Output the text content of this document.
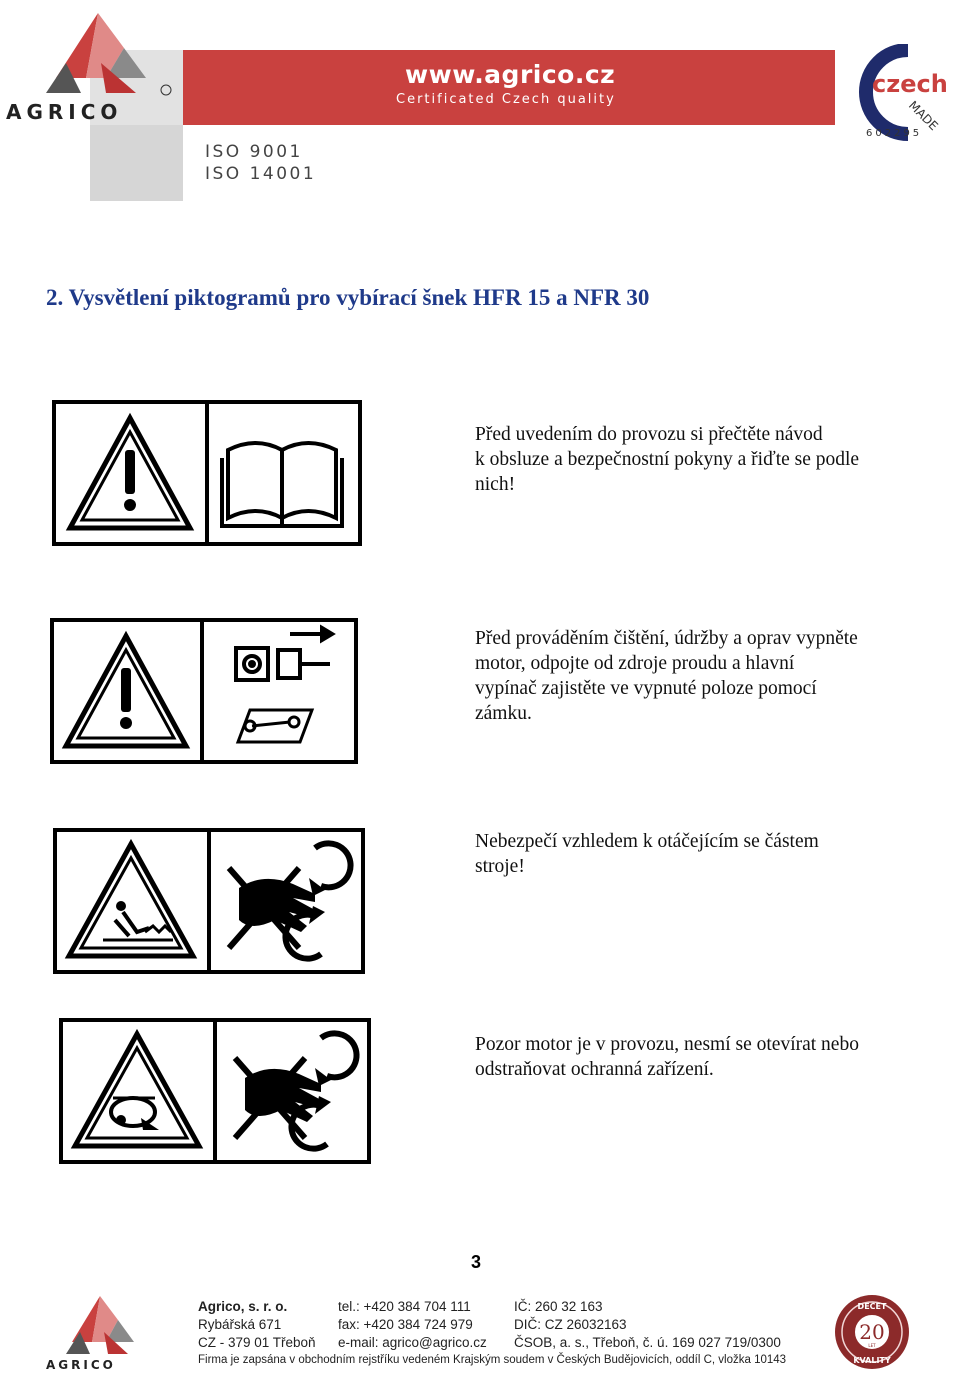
AGRICO
www.agrico.cz
Certificated Czech quality
ISO 9001
ISO 14001
czech
MADE
602295
2. Vysvětlení piktogramů pro vybírací šnek HFR 15 a NFR 30

Před uvedením do provozu si přečtěte návod

k obsluze a bezpečnostní pokyny a řiďte se podle

nich!

Před prováděním čištění, údržby a oprav vypněte

motor, odpojte od zdroje proudu a hlavní

vypínač zajistěte ve vypnuté poloze pomocí

zámku.

Nebezpečí vzhledem k otáčejícím se částem

stroje!

Pozor motor je v provozu, nesmí se otevírat nebo

odstraňovat ochranná zařízení.

3
AGRICO
Agrico, s. r. o.
Rybářská 671
CZ - 379 01 Třeboň
tel.: +420 384 704 111
fax: +420 384 724 979
e-mail: agrico@agrico.cz
IČ: 260 32 163
DIČ: CZ 26032163
ČSOB, a. s., Třeboň, č. ú. 169 027 719/0300
Firma je zapsána v obchodním rejstříku vedeném Krajským soudem v Českých Budějovicích, oddíl C, vložka 10143
20
LET
DEČET
KVALITY
